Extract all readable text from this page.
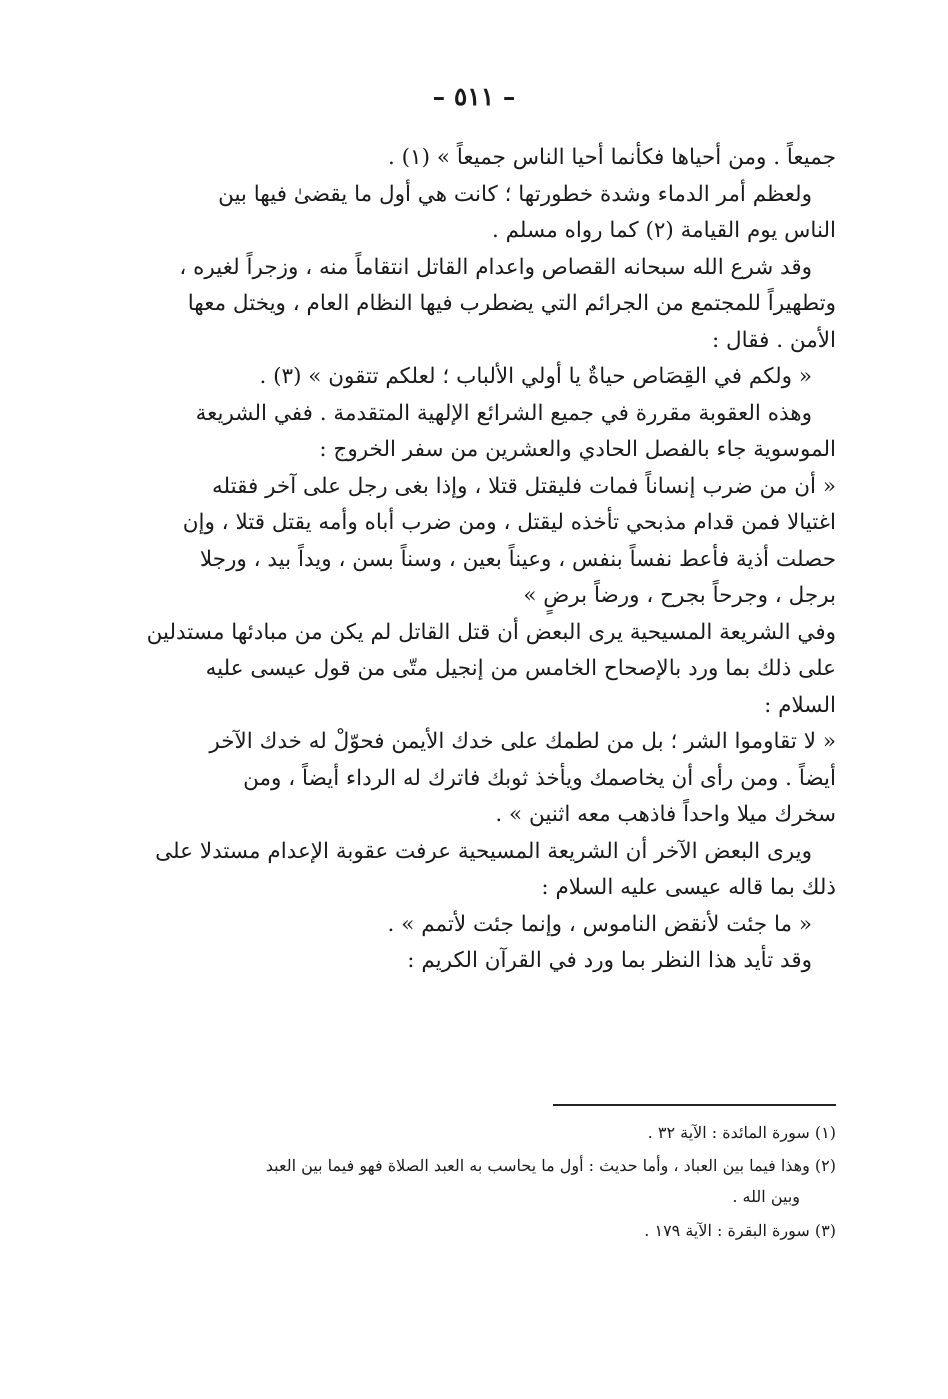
– ٥١١ –
جميعاً . ومن أحياها فكأنما أحيا الناس جميعاً » (١) .
ولعظم أمر الدماء وشدة خطورتها ؛ كانت هي أول ما يقضىٰ فيها بين
الناس يوم القيامة (٢) كما رواه مسلم .
وقد شرع الله سبحانه القصاص واعدام القاتل انتقاماً منه ، وزجراً لغيره ،
وتطهيراً للمجتمع من الجرائم التي يضطرب فيها النظام العام ، ويختل معها
الأمن . فقال :
« ولكم في القِصَاص حياةٌ يا أولي الألباب ؛ لعلكم تتقون » (٣) .
وهذه العقوبة مقررة في جميع الشرائع الإلهية المتقدمة . ففي الشريعة
الموسوية جاء بالفصل الحادي والعشرين من سفر الخروج :
« أن من ضرب إنساناً فمات فليقتل قتلا ، وإذا بغى رجل على آخر فقتله
اغتيالا فمن قدام مذبحي تأخذه ليقتل ، ومن ضرب أباه وأمه يقتل قتلا ، وإن
حصلت أذية فأعط نفساً بنفس ، وعيناً بعين ، وسناً بسن ، ويداً بيد ، ورجلا
برجل ، وجرحاً بجرح ، ورضاً برضٍ »
وفي الشريعة المسيحية يرى البعض أن قتل القاتل لم يكن من مبادئها مستدلين
على ذلك بما ورد بالإصحاح الخامس من إنجيل متّى من قول عيسى عليه
السلام :
« لا تقاوموا الشر ؛ بل من لطمك على خدك الأيمن فحوّلْ له خدك الآخر
أيضاً . ومن رأى أن يخاصمك ويأخذ ثوبك فاترك له الرداء أيضاً ، ومن
سخرك ميلا واحداً فاذهب معه اثنين » .
ويرى البعض الآخر أن الشريعة المسيحية عرفت عقوبة الإعدام مستدلا على
ذلك بما قاله عيسى عليه السلام :
« ما جئت لأنقض الناموس ، وإنما جئت لأتمم » .
وقد تأيد هذا النظر بما ورد في القرآن الكريم :
(١) سورة المائدة : الآية ٣٢ .
(٢) وهذا فيما بين العباد ، وأما حديث : أول ما يحاسب به العبد الصلاة فهو فيما بين العبد
وبين الله .
(٣) سورة البقرة : الآية ١٧٩ .
